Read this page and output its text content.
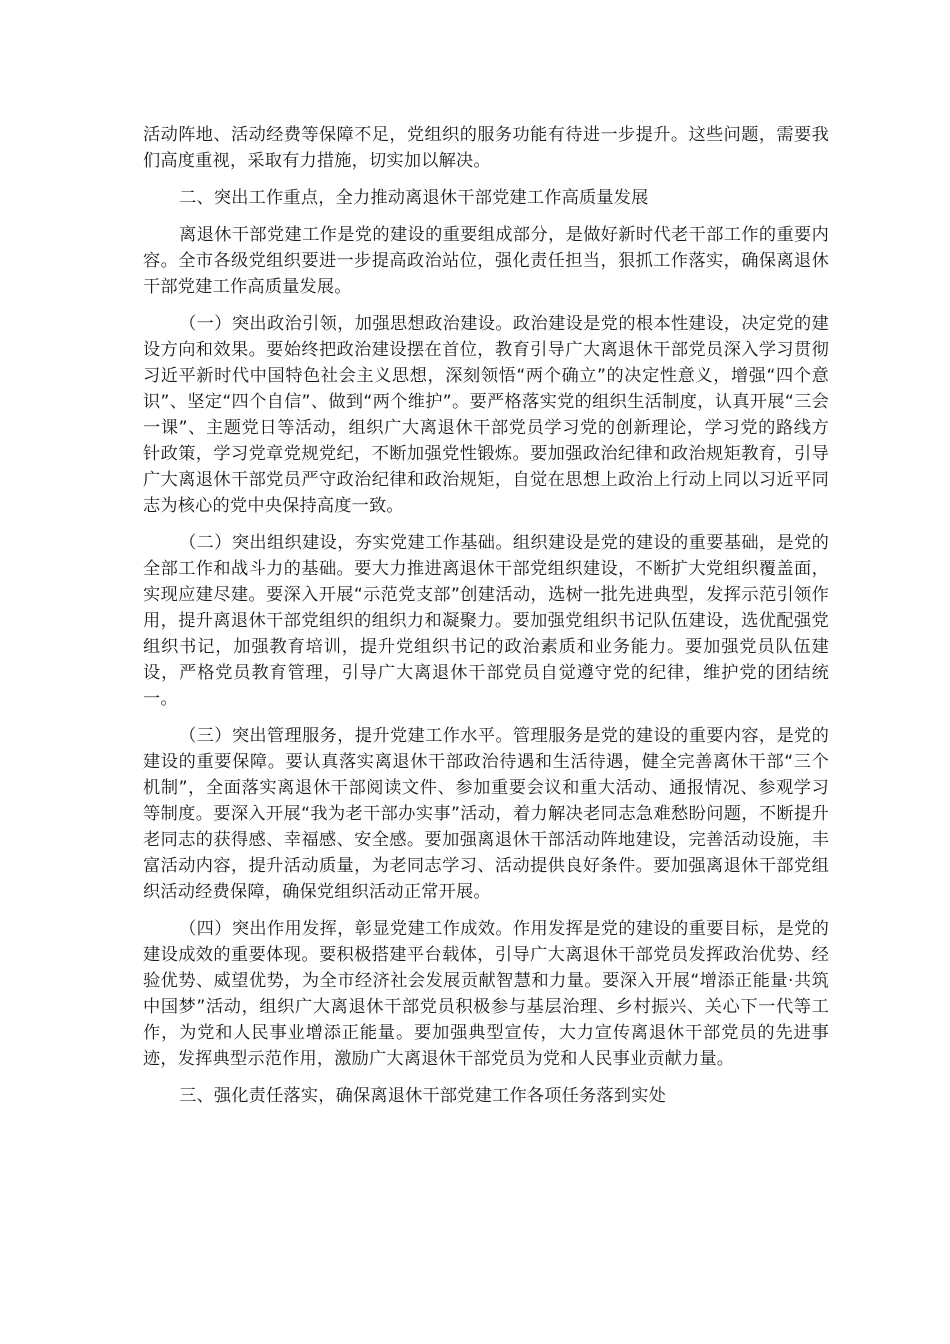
活动阵地、活动经费等保障不足，党组织的服务功能有待进一步提升。这些问题，需要我们高度重视，采取有力措施，切实加以解决。

二、突出工作重点，全力推动离退休干部党建工作高质量发展

离退休干部党建工作是党的建设的重要组成部分，是做好新时代老干部工作的重要内容。全市各级党组织要进一步提高政治站位，强化责任担当，狠抓工作落实，确保离退休干部党建工作高质量发展。

（一）突出政治引领，加强思想政治建设。政治建设是党的根本性建设，决定党的建设方向和效果。要始终把政治建设摆在首位，教育引导广大离退休干部党员深入学习贯彻习近平新时代中国特色社会主义思想，深刻领悟“两个确立”的决定性意义，增强“四个意识”、坚定“四个自信”、做到“两个维护”。要严格落实党的组织生活制度，认真开展“三会一课”、主题党日等活动，组织广大离退休干部党员学习党的创新理论，学习党的路线方针政策，学习党章党规党纪，不断加强党性锻炼。要加强政治纪律和政治规矩教育，引导广大离退休干部党员严守政治纪律和政治规矩，自觉在思想上政治上行动上同以习近平同志为核心的党中央保持高度一致。

（二）突出组织建设，夯实党建工作基础。组织建设是党的建设的重要基础，是党的全部工作和战斗力的基础。要大力推进离退休干部党组织建设，不断扩大党组织覆盖面，实现应建尽建。要深入开展“示范党支部”创建活动，选树一批先进典型，发挥示范引领作用，提升离退休干部党组织的组织力和凝聚力。要加强党组织书记队伍建设，选优配强党组织书记，加强教育培训，提升党组织书记的政治素质和业务能力。要加强党员队伍建设，严格党员教育管理，引导广大离退休干部党员自觉遵守党的纪律，维护党的团结统一。

（三）突出管理服务，提升党建工作水平。管理服务是党的建设的重要内容，是党的建设的重要保障。要认真落实离退休干部政治待遇和生活待遇，健全完善离休干部“三个机制”，全面落实离退休干部阅读文件、参加重要会议和重大活动、通报情况、参观学习等制度。要深入开展“我为老干部办实事”活动，着力解决老同志急难愁盼问题，不断提升老同志的获得感、幸福感、安全感。要加强离退休干部活动阵地建设，完善活动设施，丰富活动内容，提升活动质量，为老同志学习、活动提供良好条件。要加强离退休干部党组织活动经费保障，确保党组织活动正常开展。

（四）突出作用发挥，彰显党建工作成效。作用发挥是党的建设的重要目标，是党的建设成效的重要体现。要积极搭建平台载体，引导广大离退休干部党员发挥政治优势、经验优势、威望优势，为全市经济社会发展贡献智慧和力量。要深入开展“增添正能量·共筑中国梦”活动，组织广大离退休干部党员积极参与基层治理、乡村振兴、关心下一代等工作，为党和人民事业增添正能量。要加强典型宣传，大力宣传离退休干部党员的先进事迹，发挥典型示范作用，激励广大离退休干部党员为党和人民事业贡献力量。

三、强化责任落实，确保离退休干部党建工作各项任务落到实处
